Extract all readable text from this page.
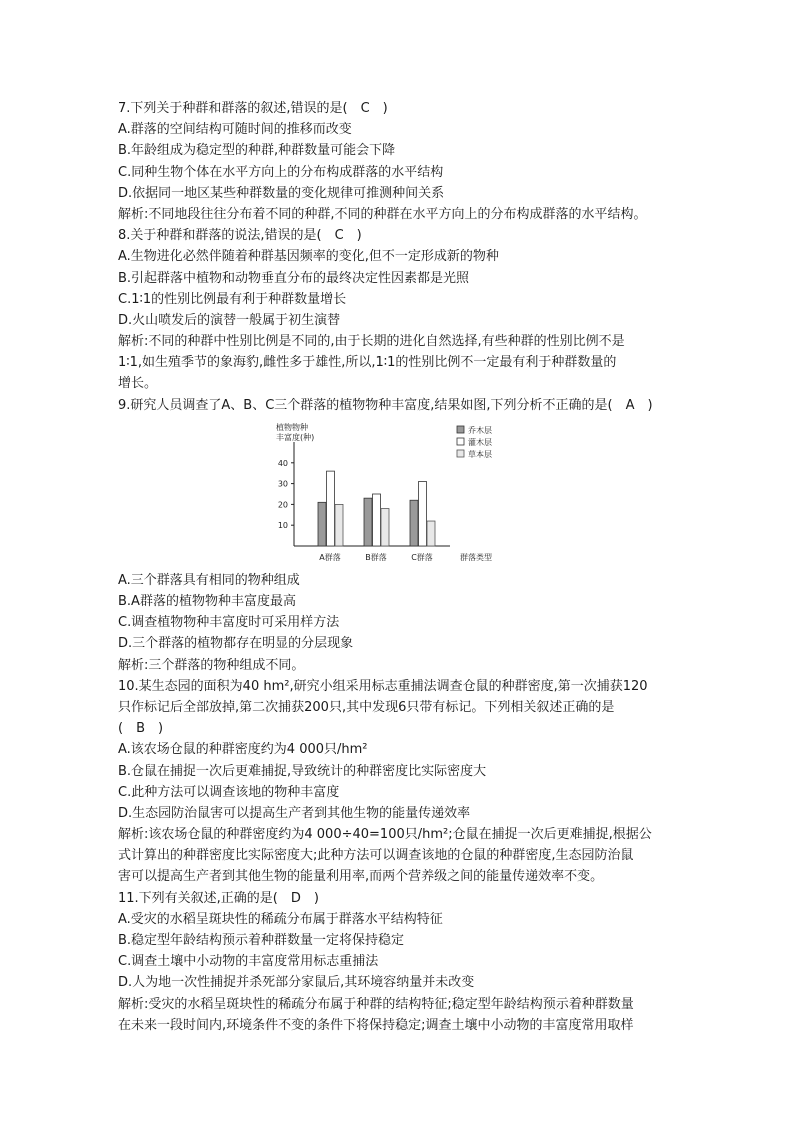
7.下列关于种群和群落的叙述,错误的是(　C　)
A.群落的空间结构可随时间的推移而改变
B.年龄组成为稳定型的种群,种群数量可能会下降
C.同种生物个体在水平方向上的分布构成群落的水平结构
D.依据同一地区某些种群数量的变化规律可推测种间关系
解析:不同地段往往分布着不同的种群,不同的种群在水平方向上的分布构成群落的水平结构。
8.关于种群和群落的说法,错误的是(　C　)
A.生物进化必然伴随着种群基因频率的变化,但不一定形成新的物种
B.引起群落中植物和动物垂直分布的最终决定性因素都是光照
C.1∶1的性别比例最有利于种群数量增长
D.火山喷发后的演替一般属于初生演替
解析:不同的种群中性别比例是不同的,由于长期的进化自然选择,有些种群的性别比例不是
1∶1,如生殖季节的象海豹,雌性多于雄性,所以,1∶1的性别比例不一定最有利于种群数量的
增长。
9.研究人员调查了A、B、C三个群落的植物物种丰富度,结果如图,下列分析不正确的是(　A　)
植物物种
丰富度(种)
10
20
30
40
A群落	B群落	C群落	群落类型
乔木层
灌木层
草本层
A.三个群落具有相同的物种组成
B.A群落的植物物种丰富度最高
C.调查植物物种丰富度时可采用样方法
D.三个群落的植物都存在明显的分层现象
解析:三个群落的物种组成不同。
10.某生态园的面积为40 hm²,研究小组采用标志重捕法调查仓鼠的种群密度,第一次捕获120
只作标记后全部放掉,第二次捕获200只,其中发现6只带有标记。下列相关叙述正确的是
(　B　)
A.该农场仓鼠的种群密度约为4 000只/hm²
B.仓鼠在捕捉一次后更难捕捉,导致统计的种群密度比实际密度大
C.此种方法可以调查该地的物种丰富度
D.生态园防治鼠害可以提高生产者到其他生物的能量传递效率
解析:该农场仓鼠的种群密度约为4 000÷40=100只/hm²;仓鼠在捕捉一次后更难捕捉,根据公
式计算出的种群密度比实际密度大;此种方法可以调查该地的仓鼠的种群密度,生态园防治鼠
害可以提高生产者到其他生物的能量利用率,而两个营养级之间的能量传递效率不变。
11.下列有关叙述,正确的是(　D　)
A.受灾的水稻呈斑块性的稀疏分布属于群落水平结构特征
B.稳定型年龄结构预示着种群数量一定将保持稳定
C.调查土壤中小动物的丰富度常用标志重捕法
D.人为地一次性捕捉并杀死部分家鼠后,其环境容纳量并未改变
解析:受灾的水稻呈斑块性的稀疏分布属于种群的结构特征;稳定型年龄结构预示着种群数量
在未来一段时间内,环境条件不变的条件下将保持稳定;调查土壤中小动物的丰富度常用取样
